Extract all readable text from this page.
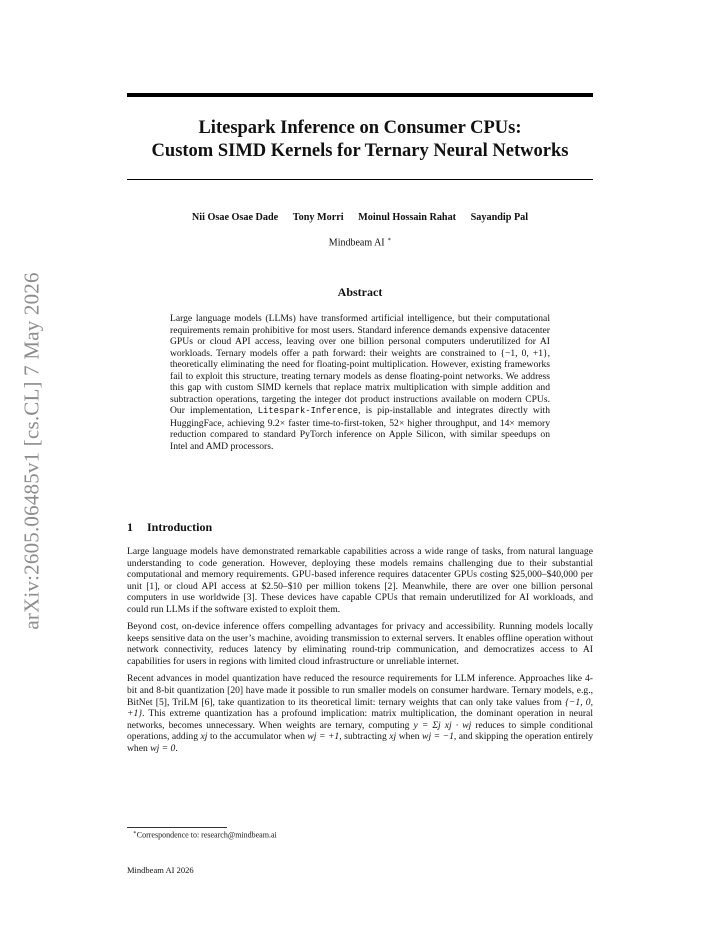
arXiv:2605.06485v1 [cs.CL] 7 May 2026
Litespark Inference on Consumer CPUs:
Custom SIMD Kernels for Ternary Neural Networks
Nii Osae Osae Dade Tony Morri Moinul Hossain Rahat Sayandip Pal
Mindbeam AI ∗
Abstract
Large language models (LLMs) have transformed artificial intelligence, but their computational requirements remain prohibitive for most users. Standard inference demands expensive datacenter GPUs or cloud API access, leaving over one billion personal computers underutilized for AI workloads. Ternary models offer a path forward: their weights are constrained to {−1, 0, +1}, theoretically eliminating the need for floating-point multiplication. However, existing frameworks fail to exploit this structure, treating ternary models as dense floating-point networks. We address this gap with custom SIMD kernels that replace matrix multiplication with simple addition and subtraction operations, targeting the integer dot product instructions available on modern CPUs. Our implementation, Litespark-Inference, is pip-installable and integrates directly with HuggingFace, achieving 9.2× faster time-to-first-token, 52× higher throughput, and 14× memory reduction compared to standard PyTorch inference on Apple Silicon, with similar speedups on Intel and AMD processors.
1 Introduction

Large language models have demonstrated remarkable capabilities across a wide range of tasks, from natural language understanding to code generation. However, deploying these models remains challenging due to their substantial computational and memory requirements. GPU-based inference requires datacenter GPUs costing $25,000–$40,000 per unit [1], or cloud API access at $2.50–$10 per million tokens [2]. Meanwhile, there are over one billion personal computers in use worldwide [3]. These devices have capable CPUs that remain underutilized for AI workloads, and could run LLMs if the software existed to exploit them.

Beyond cost, on-device inference offers compelling advantages for privacy and accessibility. Running models locally keeps sensitive data on the user’s machine, avoiding transmission to external servers. It enables offline operation without network connectivity, reduces latency by eliminating round-trip communication, and democratizes access to AI capabilities for users in regions with limited cloud infrastructure or unreliable internet.

Recent advances in model quantization have reduced the resource requirements for LLM inference. Approaches like 4-bit and 8-bit quantization [20] have made it possible to run smaller models on consumer hardware. Ternary models, e.g., BitNet [5], TriLM [6], take quantization to its theoretical limit: ternary weights that can only take values from {−1, 0, +1}. This extreme quantization has a profound implication: matrix multiplication, the dominant operation in neural networks, becomes unnecessary. When weights are ternary, computing y = Σj xj · wj reduces to simple conditional operations, adding xj to the accumulator when wj = +1, subtracting xj when wj = −1, and skipping the operation entirely when wj = 0.

∗Correspondence to: research@mindbeam.ai
Mindbeam AI 2026
